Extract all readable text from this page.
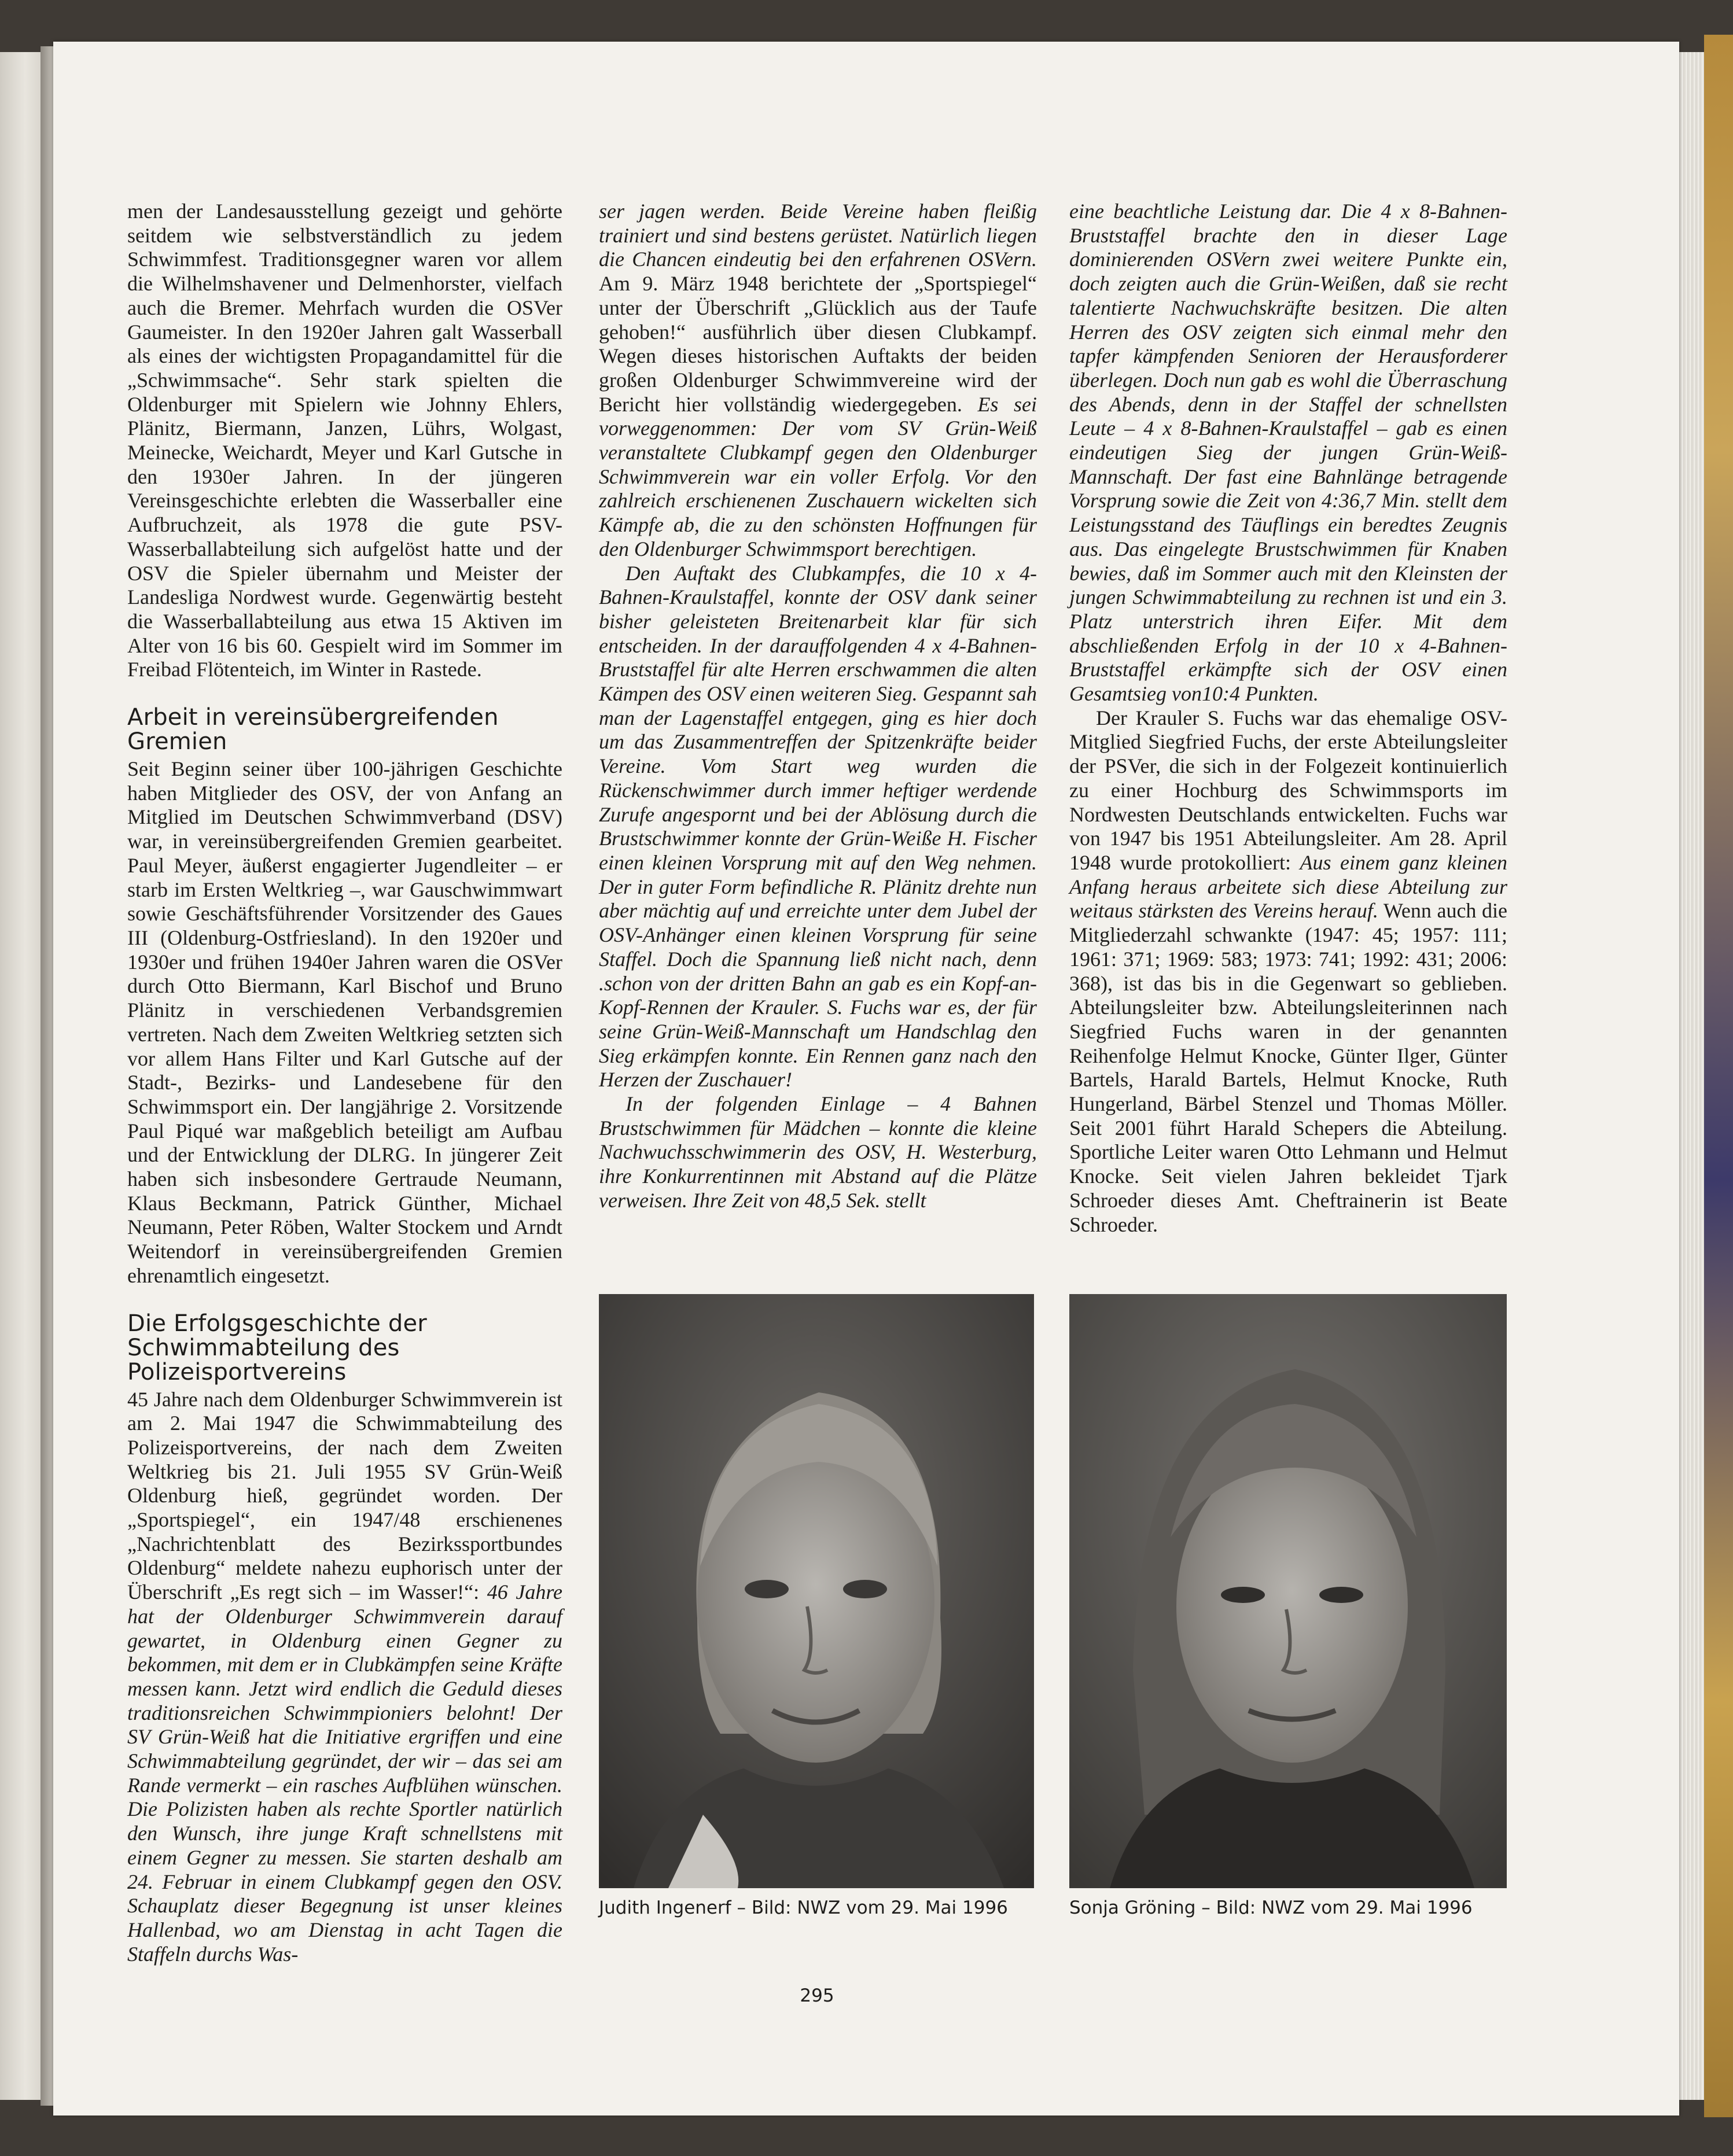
men der Landesausstellung gezeigt und gehörte seitdem wie selbstverständlich zu jedem Schwimmfest. Traditionsgegner waren vor allem die Wilhelmshavener und Delmenhorster, vielfach auch die Bremer. Mehrfach wurden die OSVer Gaumeister. In den 1920er Jahren galt Wasserball als eines der wichtigsten Propagandamittel für die „Schwimmsache“. Sehr stark spielten die Oldenburger mit Spielern wie Johnny Ehlers, Plänitz, Biermann, Janzen, Lührs, Wolgast, Meinecke, Weichardt, Meyer und Karl Gutsche in den 1930er Jahren. In der jüngeren Vereinsgeschichte erlebten die Wasserballer eine Aufbruchzeit, als 1978 die gute PSV-Wasserballabteilung sich aufgelöst hatte und der OSV die Spieler übernahm und Meister der Landesliga Nordwest wurde. Gegenwärtig besteht die Wasserballabteilung aus etwa 15 Aktiven im Alter von 16 bis 60. Gespielt wird im Sommer im Freibad Flötenteich, im Winter in Rastede.

Arbeit in vereinsübergreifenden Gremien

Seit Beginn seiner über 100-jährigen Geschichte haben Mitglieder des OSV, der von Anfang an Mitglied im Deutschen Schwimmverband (DSV) war, in vereinsübergreifenden Gremien gearbeitet. Paul Meyer, äußerst engagierter Jugendleiter – er starb im Ersten Weltkrieg –, war Gauschwimmwart sowie Geschäftsführender Vorsitzender des Gaues III (Oldenburg-Ostfriesland). In den 1920er und 1930er und frühen 1940er Jahren waren die OSVer durch Otto Biermann, Karl Bischof und Bruno Plänitz in verschiedenen Verbandsgremien vertreten. Nach dem Zweiten Weltkrieg setzten sich vor allem Hans Filter und Karl Gutsche auf der Stadt-, Bezirks- und Landesebene für den Schwimmsport ein. Der langjährige 2. Vorsitzende Paul Piqué war maßgeblich beteiligt am Aufbau und der Entwicklung der DLRG. In jüngerer Zeit haben sich insbesondere Gertraude Neumann, Klaus Beckmann, Patrick Günther, Michael Neumann, Peter Röben, Walter Stockem und Arndt Weitendorf in vereinsübergreifenden Gremien ehrenamtlich eingesetzt.

Die Erfolgsgeschichte der Schwimmabteilung des Polizeisportvereins

45 Jahre nach dem Oldenburger Schwimmverein ist am 2. Mai 1947 die Schwimmabteilung des Polizeisportvereins, der nach dem Zweiten Weltkrieg bis 21. Juli 1955 SV Grün-Weiß Oldenburg hieß, gegründet worden. Der „Sportspiegel“, ein 1947/48 erschienenes „Nachrichtenblatt des Bezirkssportbundes Oldenburg“ meldete nahezu euphorisch unter der Überschrift „Es regt sich – im Wasser!“: 46 Jahre hat der Oldenburger Schwimmverein darauf gewartet, in Oldenburg einen Gegner zu bekommen, mit dem er in Clubkämpfen seine Kräfte messen kann. Jetzt wird endlich die Geduld dieses traditionsreichen Schwimmpioniers belohnt! Der SV Grün-Weiß hat die Initiative ergriffen und eine Schwimmabteilung gegründet, der wir – das sei am Rande vermerkt – ein rasches Aufblühen wünschen. Die Polizisten haben als rechte Sportler natürlich den Wunsch, ihre junge Kraft schnellstens mit einem Gegner zu messen. Sie starten deshalb am 24. Februar in einem Clubkampf gegen den OSV. Schauplatz dieser Begegnung ist unser kleines Hallenbad, wo am Dienstag in acht Tagen die Staffeln durchs Was-

ser jagen werden. Beide Vereine haben fleißig trainiert und sind bestens gerüstet. Natürlich liegen die Chancen eindeutig bei den erfahrenen OSVern. Am 9. März 1948 berichtete der „Sportspiegel“ unter der Überschrift „Glücklich aus der Taufe gehoben!“ ausführlich über diesen Clubkampf. Wegen dieses historischen Auftakts der beiden großen Oldenburger Schwimmvereine wird der Bericht hier vollständig wiedergegeben. Es sei vorweggenommen: Der vom SV Grün-Weiß veranstaltete Clubkampf gegen den Oldenburger Schwimmverein war ein voller Erfolg. Vor den zahlreich erschienenen Zuschauern wickelten sich Kämpfe ab, die zu den schönsten Hoffnungen für den Oldenburger Schwimmsport berechtigen.

Den Auftakt des Clubkampfes, die 10 x 4-Bahnen-Kraulstaffel, konnte der OSV dank seiner bisher geleisteten Breitenarbeit klar für sich entscheiden. In der darauffolgenden 4 x 4-Bahnen-Bruststaffel für alte Herren erschwammen die alten Kämpen des OSV einen weiteren Sieg. Gespannt sah man der Lagenstaffel entgegen, ging es hier doch um das Zusammentreffen der Spitzenkräfte beider Vereine. Vom Start weg wurden die Rückenschwimmer durch immer heftiger werdende Zurufe angespornt und bei der Ablösung durch die Brustschwimmer konnte der Grün-Weiße H. Fischer einen kleinen Vorsprung mit auf den Weg nehmen. Der in guter Form befindliche R. Plänitz drehte nun aber mächtig auf und erreichte unter dem Jubel der OSV-Anhänger einen kleinen Vorsprung für seine Staffel. Doch die Spannung ließ nicht nach, denn .schon von der dritten Bahn an gab es ein Kopf-an-Kopf-Rennen der Krauler. S. Fuchs war es, der für seine Grün-Weiß-Mannschaft um Handschlag den Sieg erkämpfen konnte. Ein Rennen ganz nach den Herzen der Zuschauer!

In der folgenden Einlage – 4 Bahnen Brustschwimmen für Mädchen – konnte die kleine Nachwuchsschwimmerin des OSV, H. Westerburg, ihre Konkurrentinnen mit Abstand auf die Plätze verweisen. Ihre Zeit von 48,5 Sek. stellt

eine beachtliche Leistung dar. Die 4 x 8-Bahnen-Bruststaffel brachte den in dieser Lage dominierenden OSVern zwei weitere Punkte ein, doch zeigten auch die Grün-Weißen, daß sie recht talentierte Nachwuchskräfte besitzen. Die alten Herren des OSV zeigten sich einmal mehr den tapfer kämpfenden Senioren der Herausforderer überlegen. Doch nun gab es wohl die Überraschung des Abends, denn in der Staffel der schnellsten Leute – 4 x 8-Bahnen-Kraulstaffel – gab es einen eindeutigen Sieg der jungen Grün-Weiß-Mannschaft. Der fast eine Bahnlänge betragende Vorsprung sowie die Zeit von 4:36,7 Min. stellt dem Leistungsstand des Täuflings ein beredtes Zeugnis aus. Das eingelegte Brustschwimmen für Knaben bewies, daß im Sommer auch mit den Kleinsten der jungen Schwimmabteilung zu rechnen ist und ein 3. Platz unterstrich ihren Eifer. Mit dem abschließenden Erfolg in der 10 x 4-Bahnen-Bruststaffel erkämpfte sich der OSV einen Gesamtsieg von10:4 Punkten.

Der Krauler S. Fuchs war das ehemalige OSV-Mitglied Siegfried Fuchs, der erste Abteilungsleiter der PSVer, die sich in der Folgezeit kontinuierlich zu einer Hochburg des Schwimmsports im Nordwesten Deutschlands entwickelten. Fuchs war von 1947 bis 1951 Abteilungsleiter. Am 28. April 1948 wurde protokolliert: Aus einem ganz kleinen Anfang heraus arbeitete sich diese Abteilung zur weitaus stärksten des Vereins herauf. Wenn auch die Mitgliederzahl schwankte (1947: 45; 1957: 111; 1961: 371; 1969: 583; 1973: 741; 1992: 431; 2006: 368), ist das bis in die Gegenwart so geblieben. Abteilungsleiter bzw. Abteilungsleiterinnen nach Siegfried Fuchs waren in der genannten Reihenfolge Helmut Knocke, Günter Ilger, Günter Bartels, Harald Bartels, Helmut Knocke, Ruth Hungerland, Bärbel Stenzel und Thomas Möller. Seit 2001 führt Harald Schepers die Abteilung. Sportliche Leiter waren Otto Lehmann und Helmut Knocke. Seit vielen Jahren bekleidet Tjark Schroeder dieses Amt. Cheftrainerin ist Beate Schroeder.

Judith Ingenerf – Bild: NWZ vom 29. Mai 1996	Sonja Gröning – Bild: NWZ vom 29. Mai 1996
295
